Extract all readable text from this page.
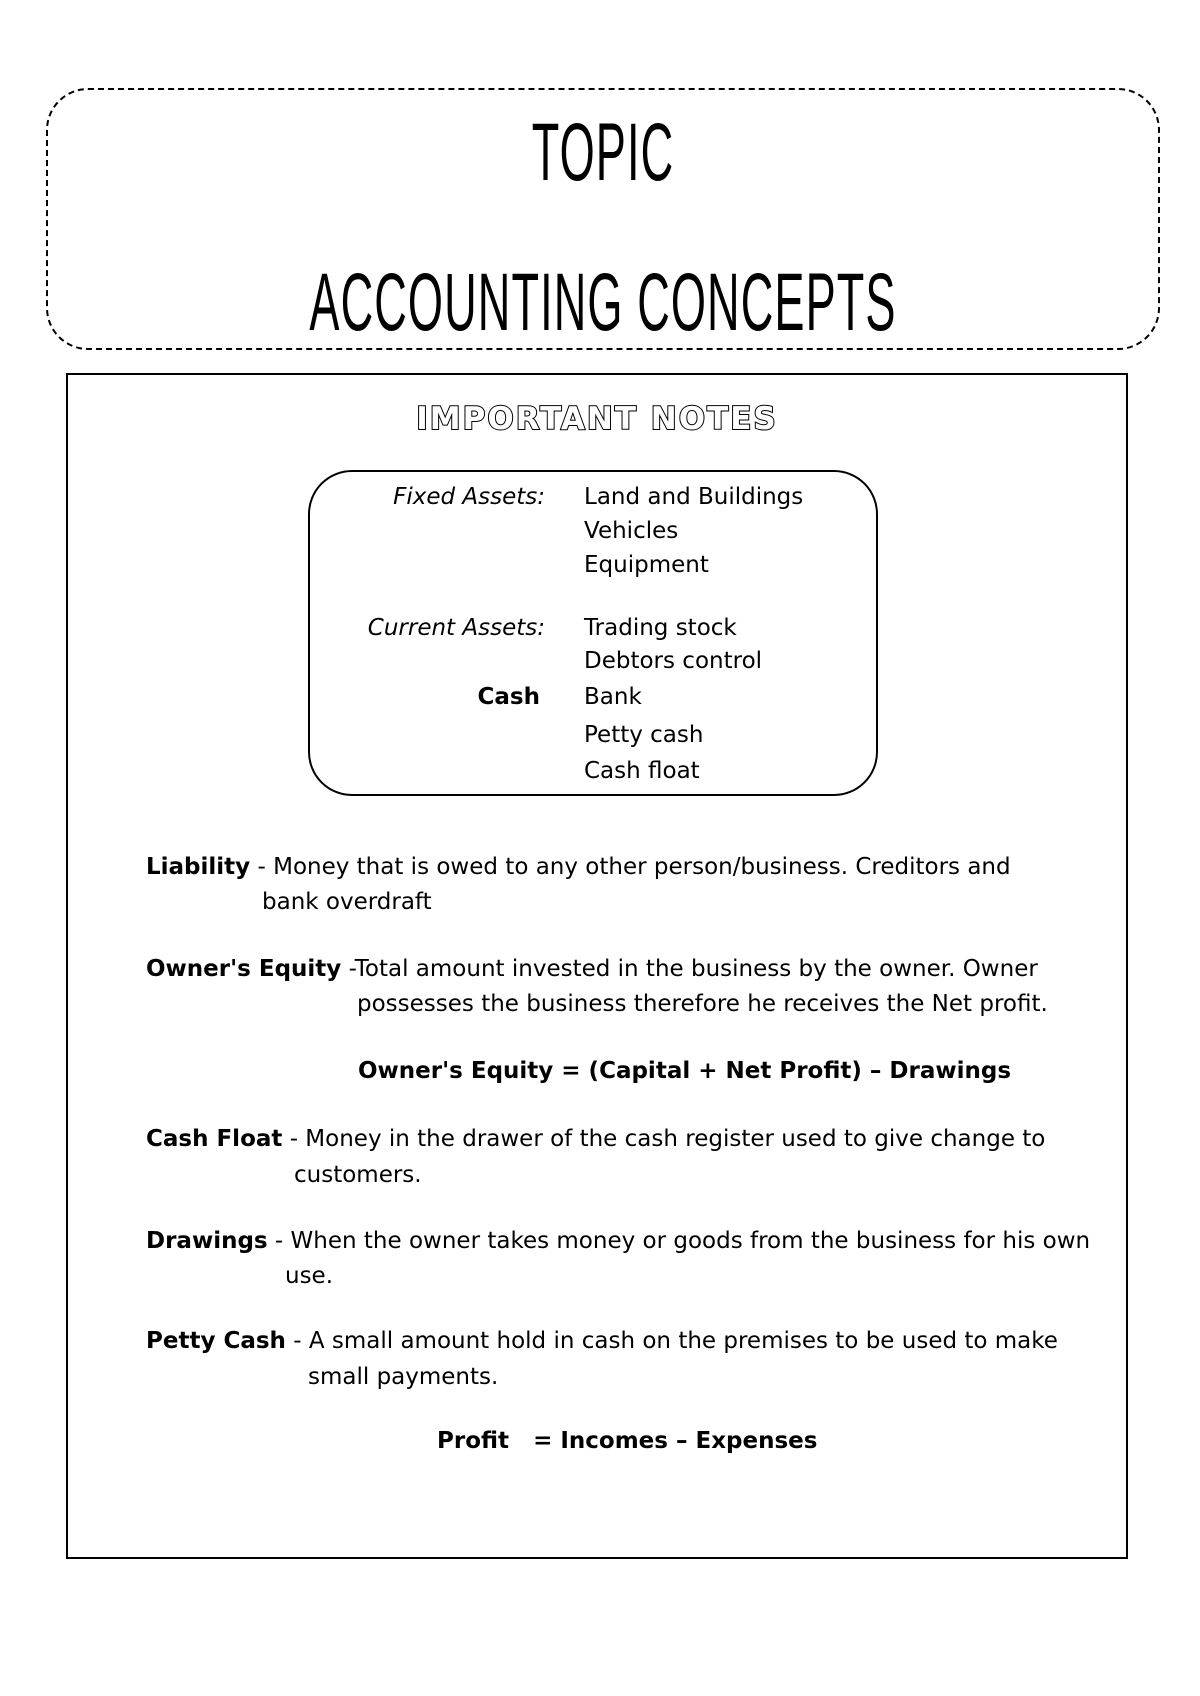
TOPIC
ACCOUNTING CONCEPTS
IMPORTANT NOTES
Fixed Assets: Land and Buildings
Vehicles
Equipment
Current Assets: Trading stock
Debtors control
Cash Bank
Petty cash
Cash float
Liability - Money that is owed to any other person/business. Creditors and
bank overdraft
Owner's Equity -Total amount invested in the business by the owner. Owner
possesses the business therefore he receives the Net profit.
Owner's Equity = (Capital + Net Profit) – Drawings
Cash Float - Money in the drawer of the cash register used to give change to
customers.
Drawings - When the owner takes money or goods from the business for his own
use.
Petty Cash - A small amount hold in cash on the premises to be used to make
small payments.
Profit   = Incomes – Expenses
